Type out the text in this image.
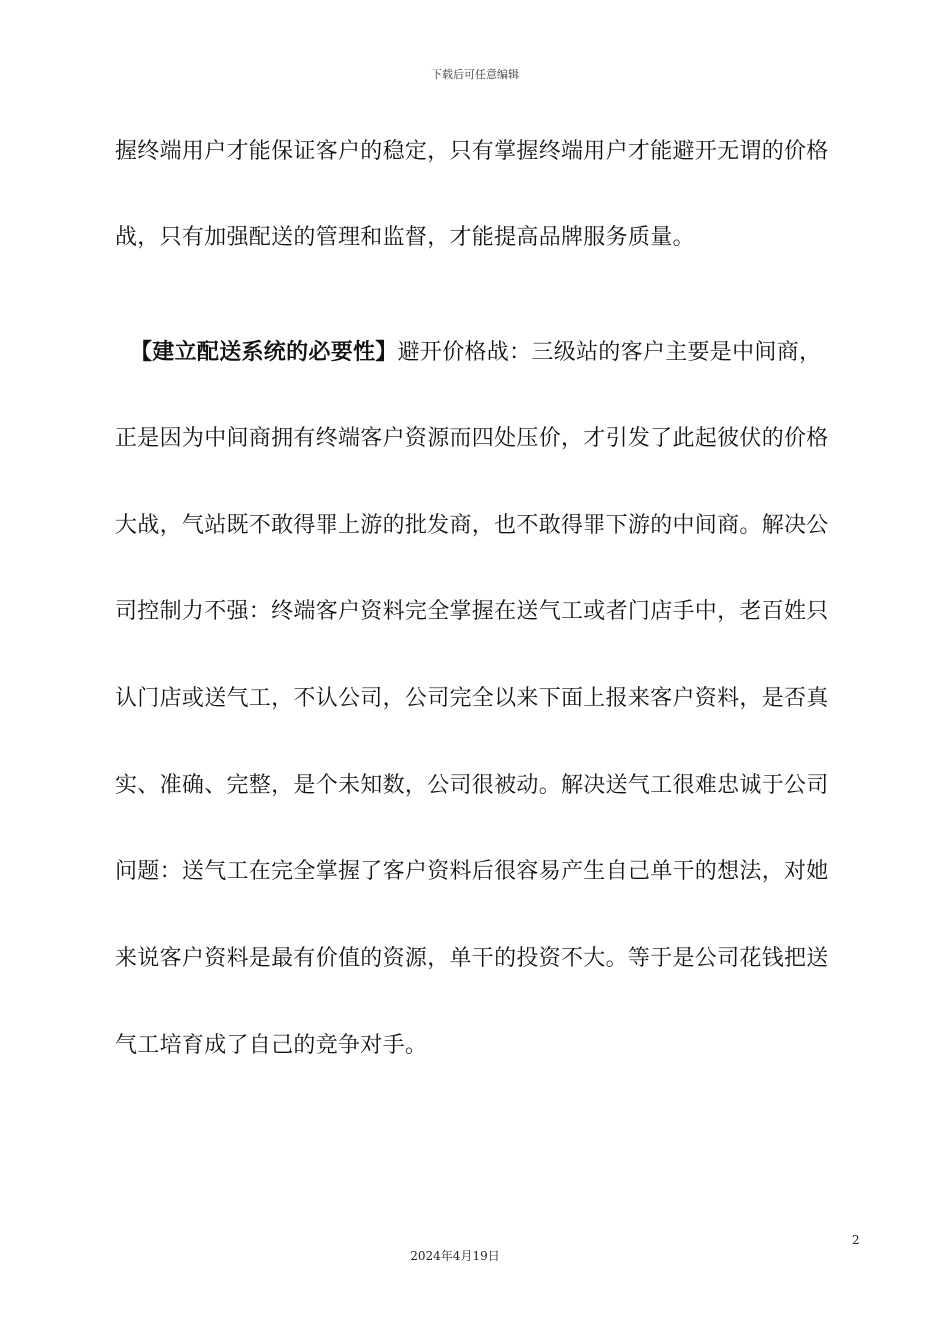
下载后可任意编辑
握终端用户才能保证客户的稳定，只有掌握终端用户才能避开无谓的价格
战，只有加强配送的管理和监督，才能提高品牌服务质量。
【建立配送系统的必要性】避开价格战：三级站的客户主要是中间商，
正是因为中间商拥有终端客户资源而四处压价，才引发了此起彼伏的价格
大战，气站既不敢得罪上游的批发商，也不敢得罪下游的中间商。解决公
司控制力不强：终端客户资料完全掌握在送气工或者门店手中，老百姓只
认门店或送气工，不认公司，公司完全以来下面上报来客户资料，是否真
实、准确、完整，是个未知数，公司很被动。解决送气工很难忠诚于公司
问题：送气工在完全掌握了客户资料后很容易产生自己单干的想法，对她
来说客户资料是最有价值的资源，单干的投资不大。等于是公司花钱把送
气工培育成了自己的竞争对手。
2
2024年4月19日
